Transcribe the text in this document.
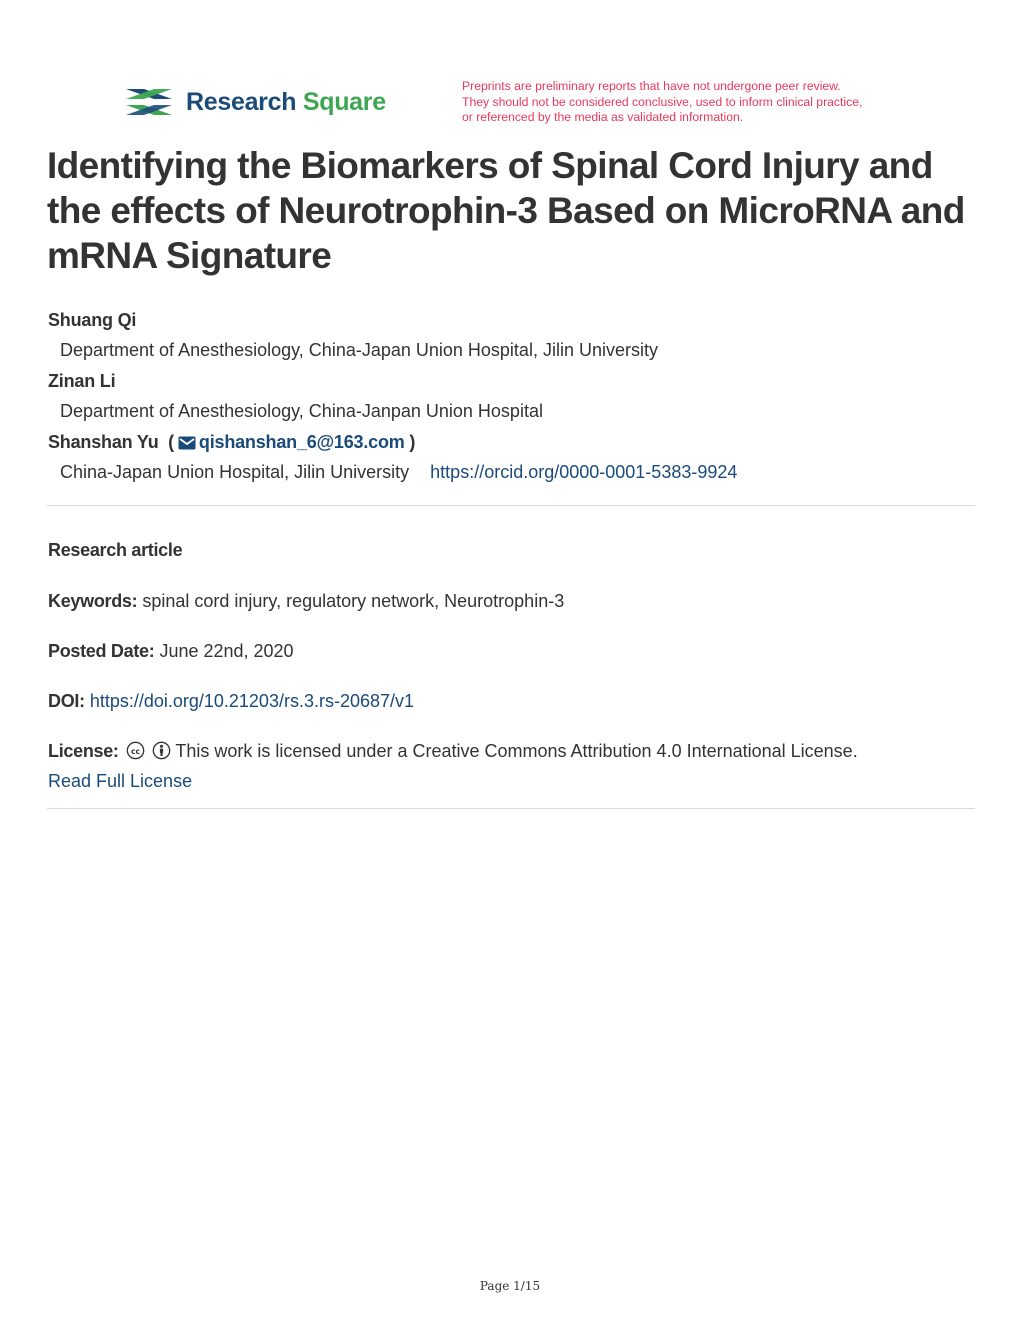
Research Square
Preprints are preliminary reports that have not undergone peer review.
They should not be considered conclusive, used to inform clinical practice,
or referenced by the media as validated information.
Identifying the Biomarkers of Spinal Cord Injury and the effects of Neurotrophin-3 Based on MicroRNA and mRNA Signature
Shuang Qi
Department of Anesthesiology, China-Japan Union Hospital, Jilin University
Zinan Li
Department of Anesthesiology, China-Janpan Union Hospital
Shanshan Yu ( qishanshan_6@163.com )
China-Japan Union Hospital, Jilin University https://orcid.org/0000-0001-5383-9924
Research article
Keywords: spinal cord injury, regulatory network, Neurotrophin-3
Posted Date: June 22nd, 2020
DOI: https://doi.org/10.21203/rs.3.rs-20687/v1
License: cc This work is licensed under a Creative Commons Attribution 4.0 International License.
Read Full License
Page 1/15
